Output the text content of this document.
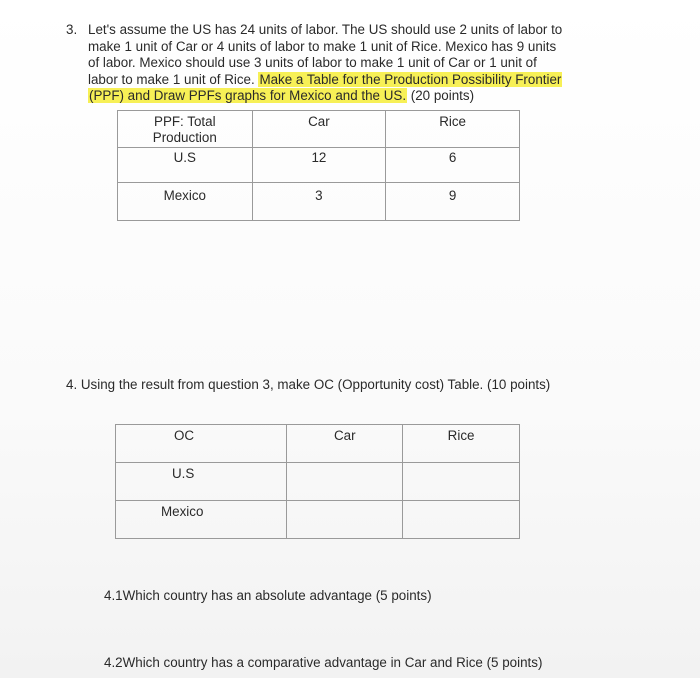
3. Let's assume the US has 24 units of labor. The US should use 2 units of labor to
make 1 unit of Car or 4 units of labor to make 1 unit of Rice. Mexico has 9 units
of labor. Mexico should use 3 units of labor to make 1 unit of Car or 1 unit of
labor to make 1 unit of Rice. Make a Table for the Production Possibility Frontier
(PPF) and Draw PPFs graphs for Mexico and the US. (20 points)
PPF: Total Production	Car	Rice
U.S	12	6
Mexico	3	9
4. Using the result from question 3, make OC (Opportunity cost) Table. (10 points)
OC	Car	Rice
U.S		
Mexico		
4.1Which country has an absolute advantage (5 points)
4.2Which country has a comparative advantage in Car and Rice (5 points)
